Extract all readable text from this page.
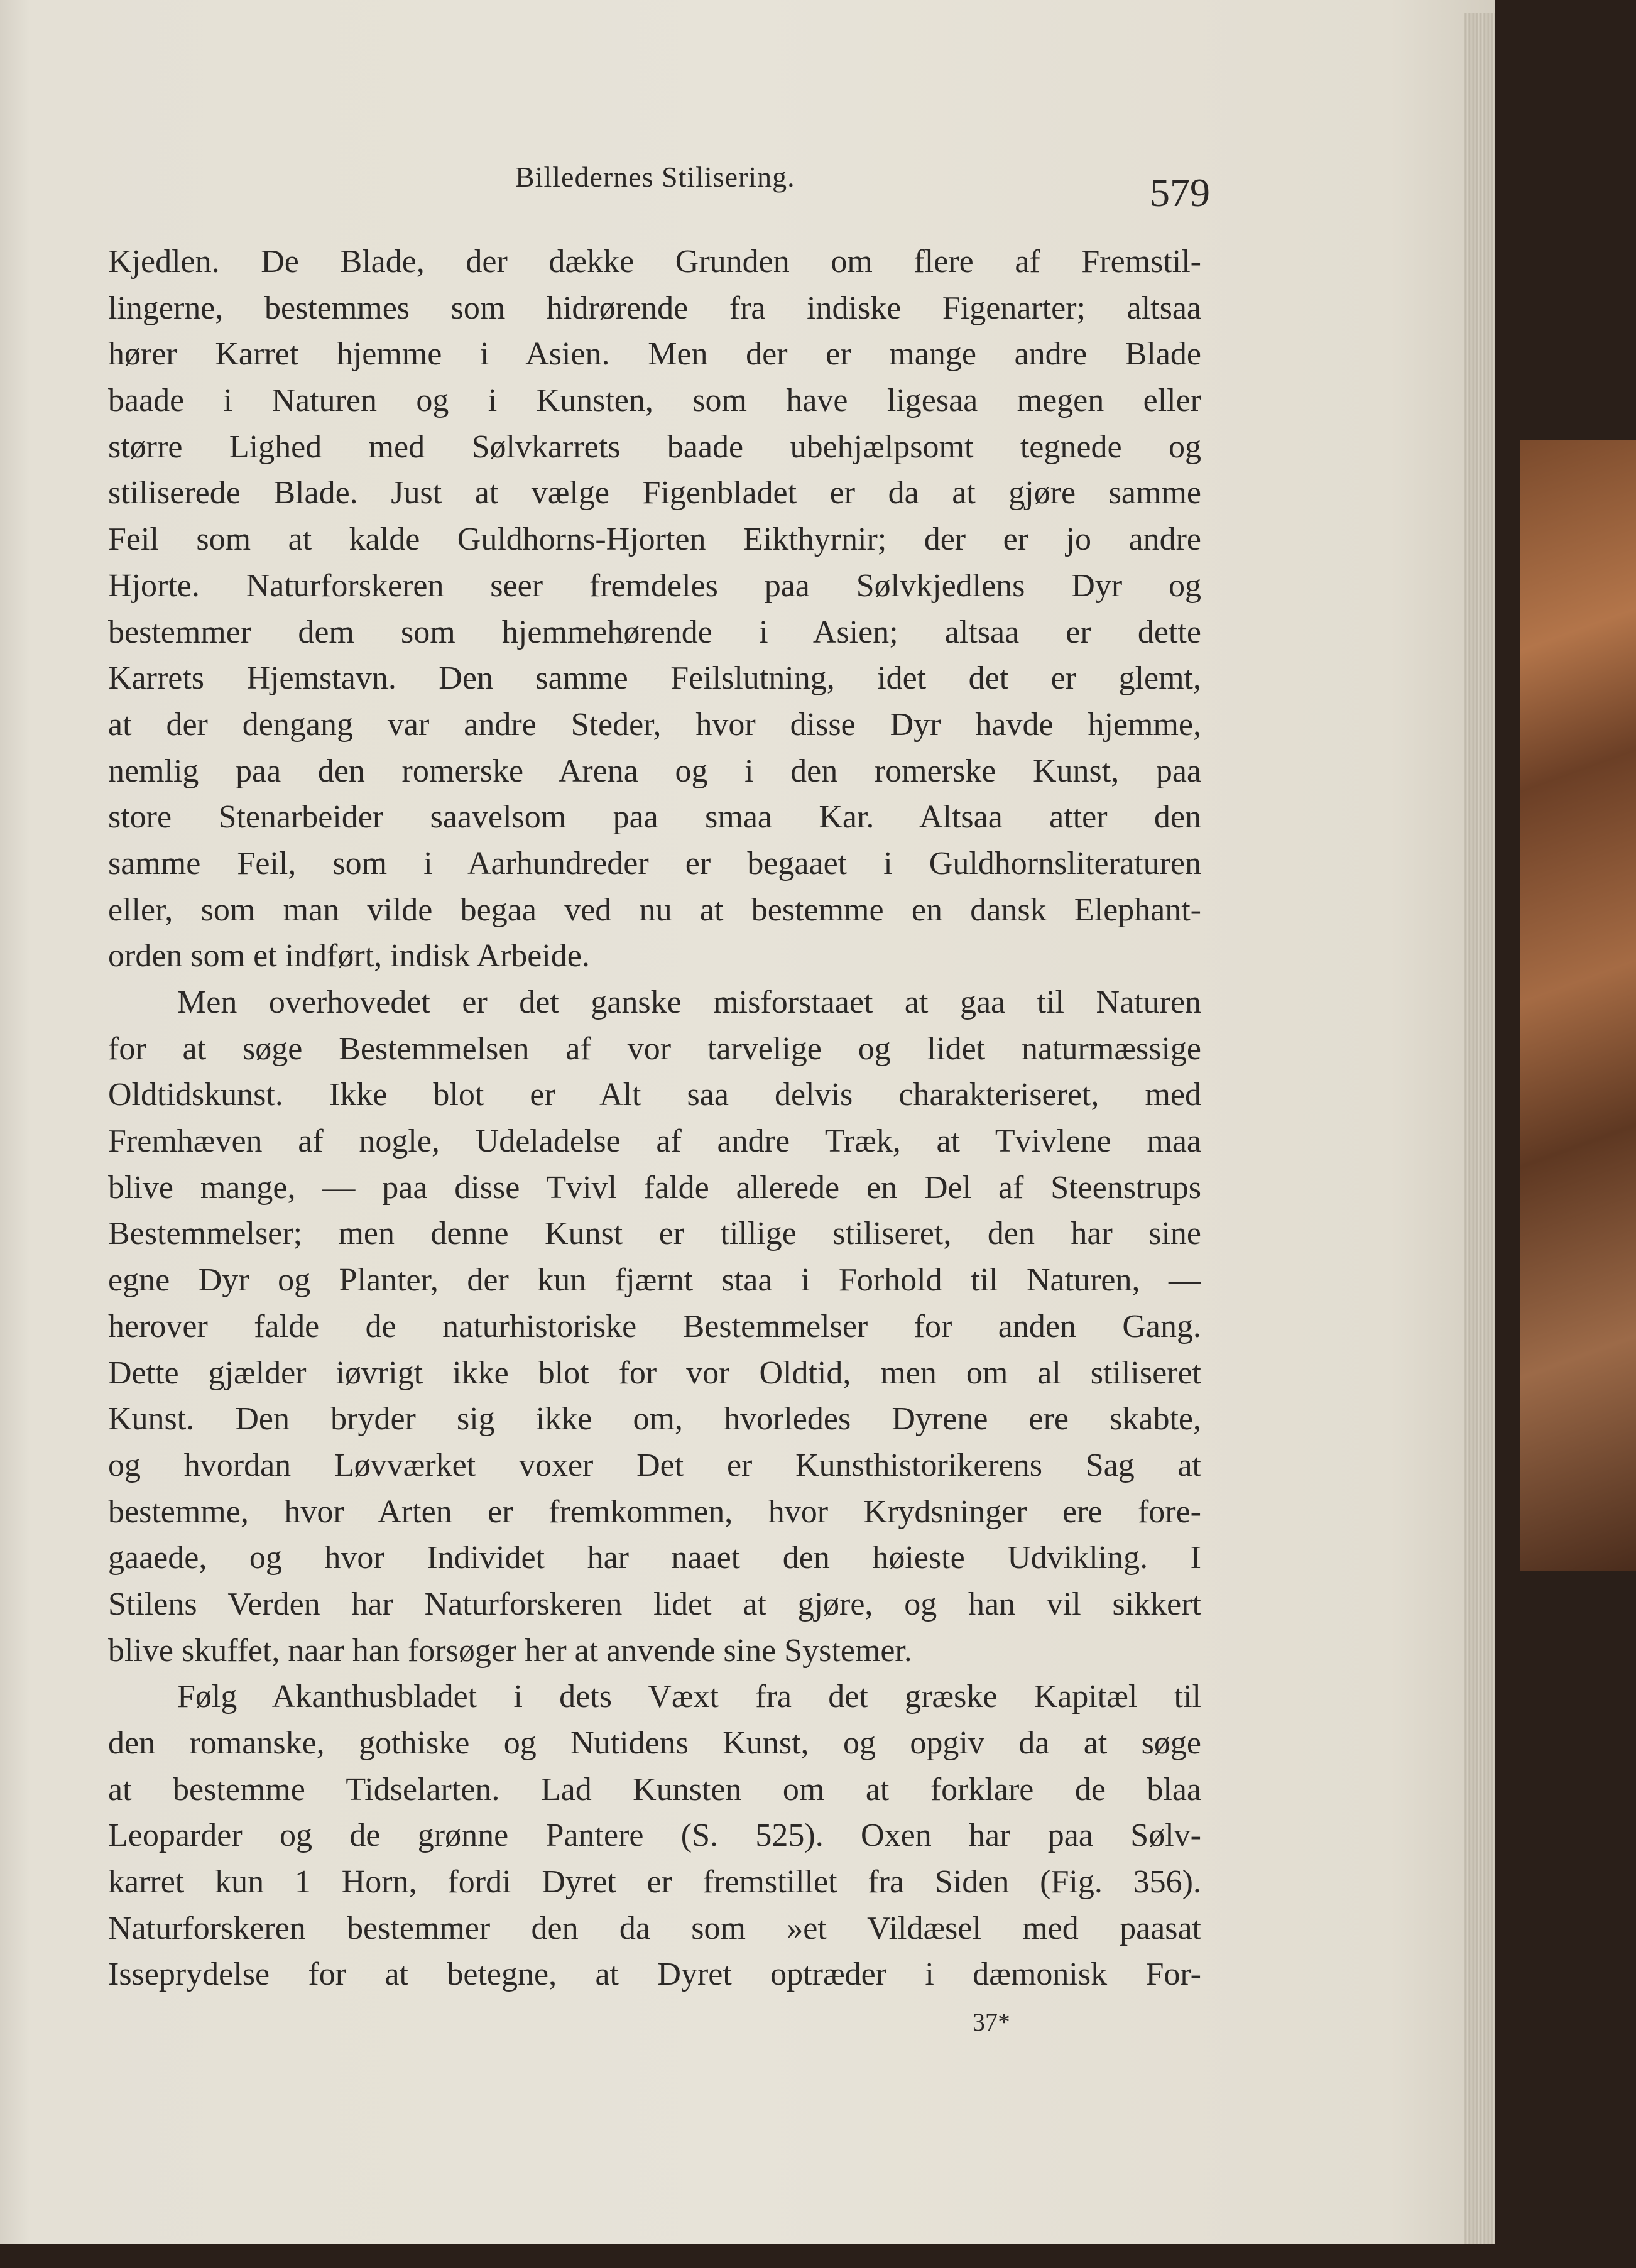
Billedernes Stilisering.	579
Kjedlen. De Blade, der dække Grunden om flere af Fremstil-
lingerne, bestemmes som hidrørende fra indiske Figenarter; altsaa
hører Karret hjemme i Asien. Men der er mange andre Blade
baade i Naturen og i Kunsten, som have ligesaa megen eller
større Lighed med Sølvkarrets baade ubehjælpsomt tegnede og
stiliserede Blade. Just at vælge Figenbladet er da at gjøre samme
Feil som at kalde Guldhorns-Hjorten Eikthyrnir; der er jo andre
Hjorte. Naturforskeren seer fremdeles paa Sølvkjedlens Dyr og
bestemmer dem som hjemmehørende i Asien; altsaa er dette
Karrets Hjemstavn. Den samme Feilslutning, idet det er glemt,
at der dengang var andre Steder, hvor disse Dyr havde hjemme,
nemlig paa den romerske Arena og i den romerske Kunst, paa
store Stenarbeider saavelsom paa smaa Kar. Altsaa atter den
samme Feil, som i Aarhundreder er begaaet i Guldhornsliteraturen
eller, som man vilde begaa ved nu at bestemme en dansk Elephant-
orden som et indført, indisk Arbeide.
Men overhovedet er det ganske misforstaaet at gaa til Naturen
for at søge Bestemmelsen af vor tarvelige og lidet naturmæssige
Oldtidskunst. Ikke blot er Alt saa delvis charakteriseret, med
Fremhæven af nogle, Udeladelse af andre Træk, at Tvivlene maa
blive mange, — paa disse Tvivl falde allerede en Del af Steenstrups
Bestemmelser; men denne Kunst er tillige stiliseret, den har sine
egne Dyr og Planter, der kun fjærnt staa i Forhold til Naturen, —
herover falde de naturhistoriske Bestemmelser for anden Gang.
Dette gjælder iøvrigt ikke blot for vor Oldtid, men om al stiliseret
Kunst. Den bryder sig ikke om, hvorledes Dyrene ere skabte,
og hvordan Løvværket voxer Det er Kunsthistorikerens Sag at
bestemme, hvor Arten er fremkommen, hvor Krydsninger ere fore-
gaaede, og hvor Individet har naaet den høieste Udvikling. I
Stilens Verden har Naturforskeren lidet at gjøre, og han vil sikkert
blive skuffet, naar han forsøger her at anvende sine Systemer.
Følg Akanthusbladet i dets Væxt fra det græske Kapitæl til
den romanske, gothiske og Nutidens Kunst, og opgiv da at søge
at bestemme Tidselarten. Lad Kunsten om at forklare de blaa
Leoparder og de grønne Pantere (S. 525). Oxen har paa Sølv-
karret kun 1 Horn, fordi Dyret er fremstillet fra Siden (Fig. 356).
Naturforskeren bestemmer den da som »et Vildæsel med paasat
Isseprydelse for at betegne, at Dyret optræder i dæmonisk For-
37*
